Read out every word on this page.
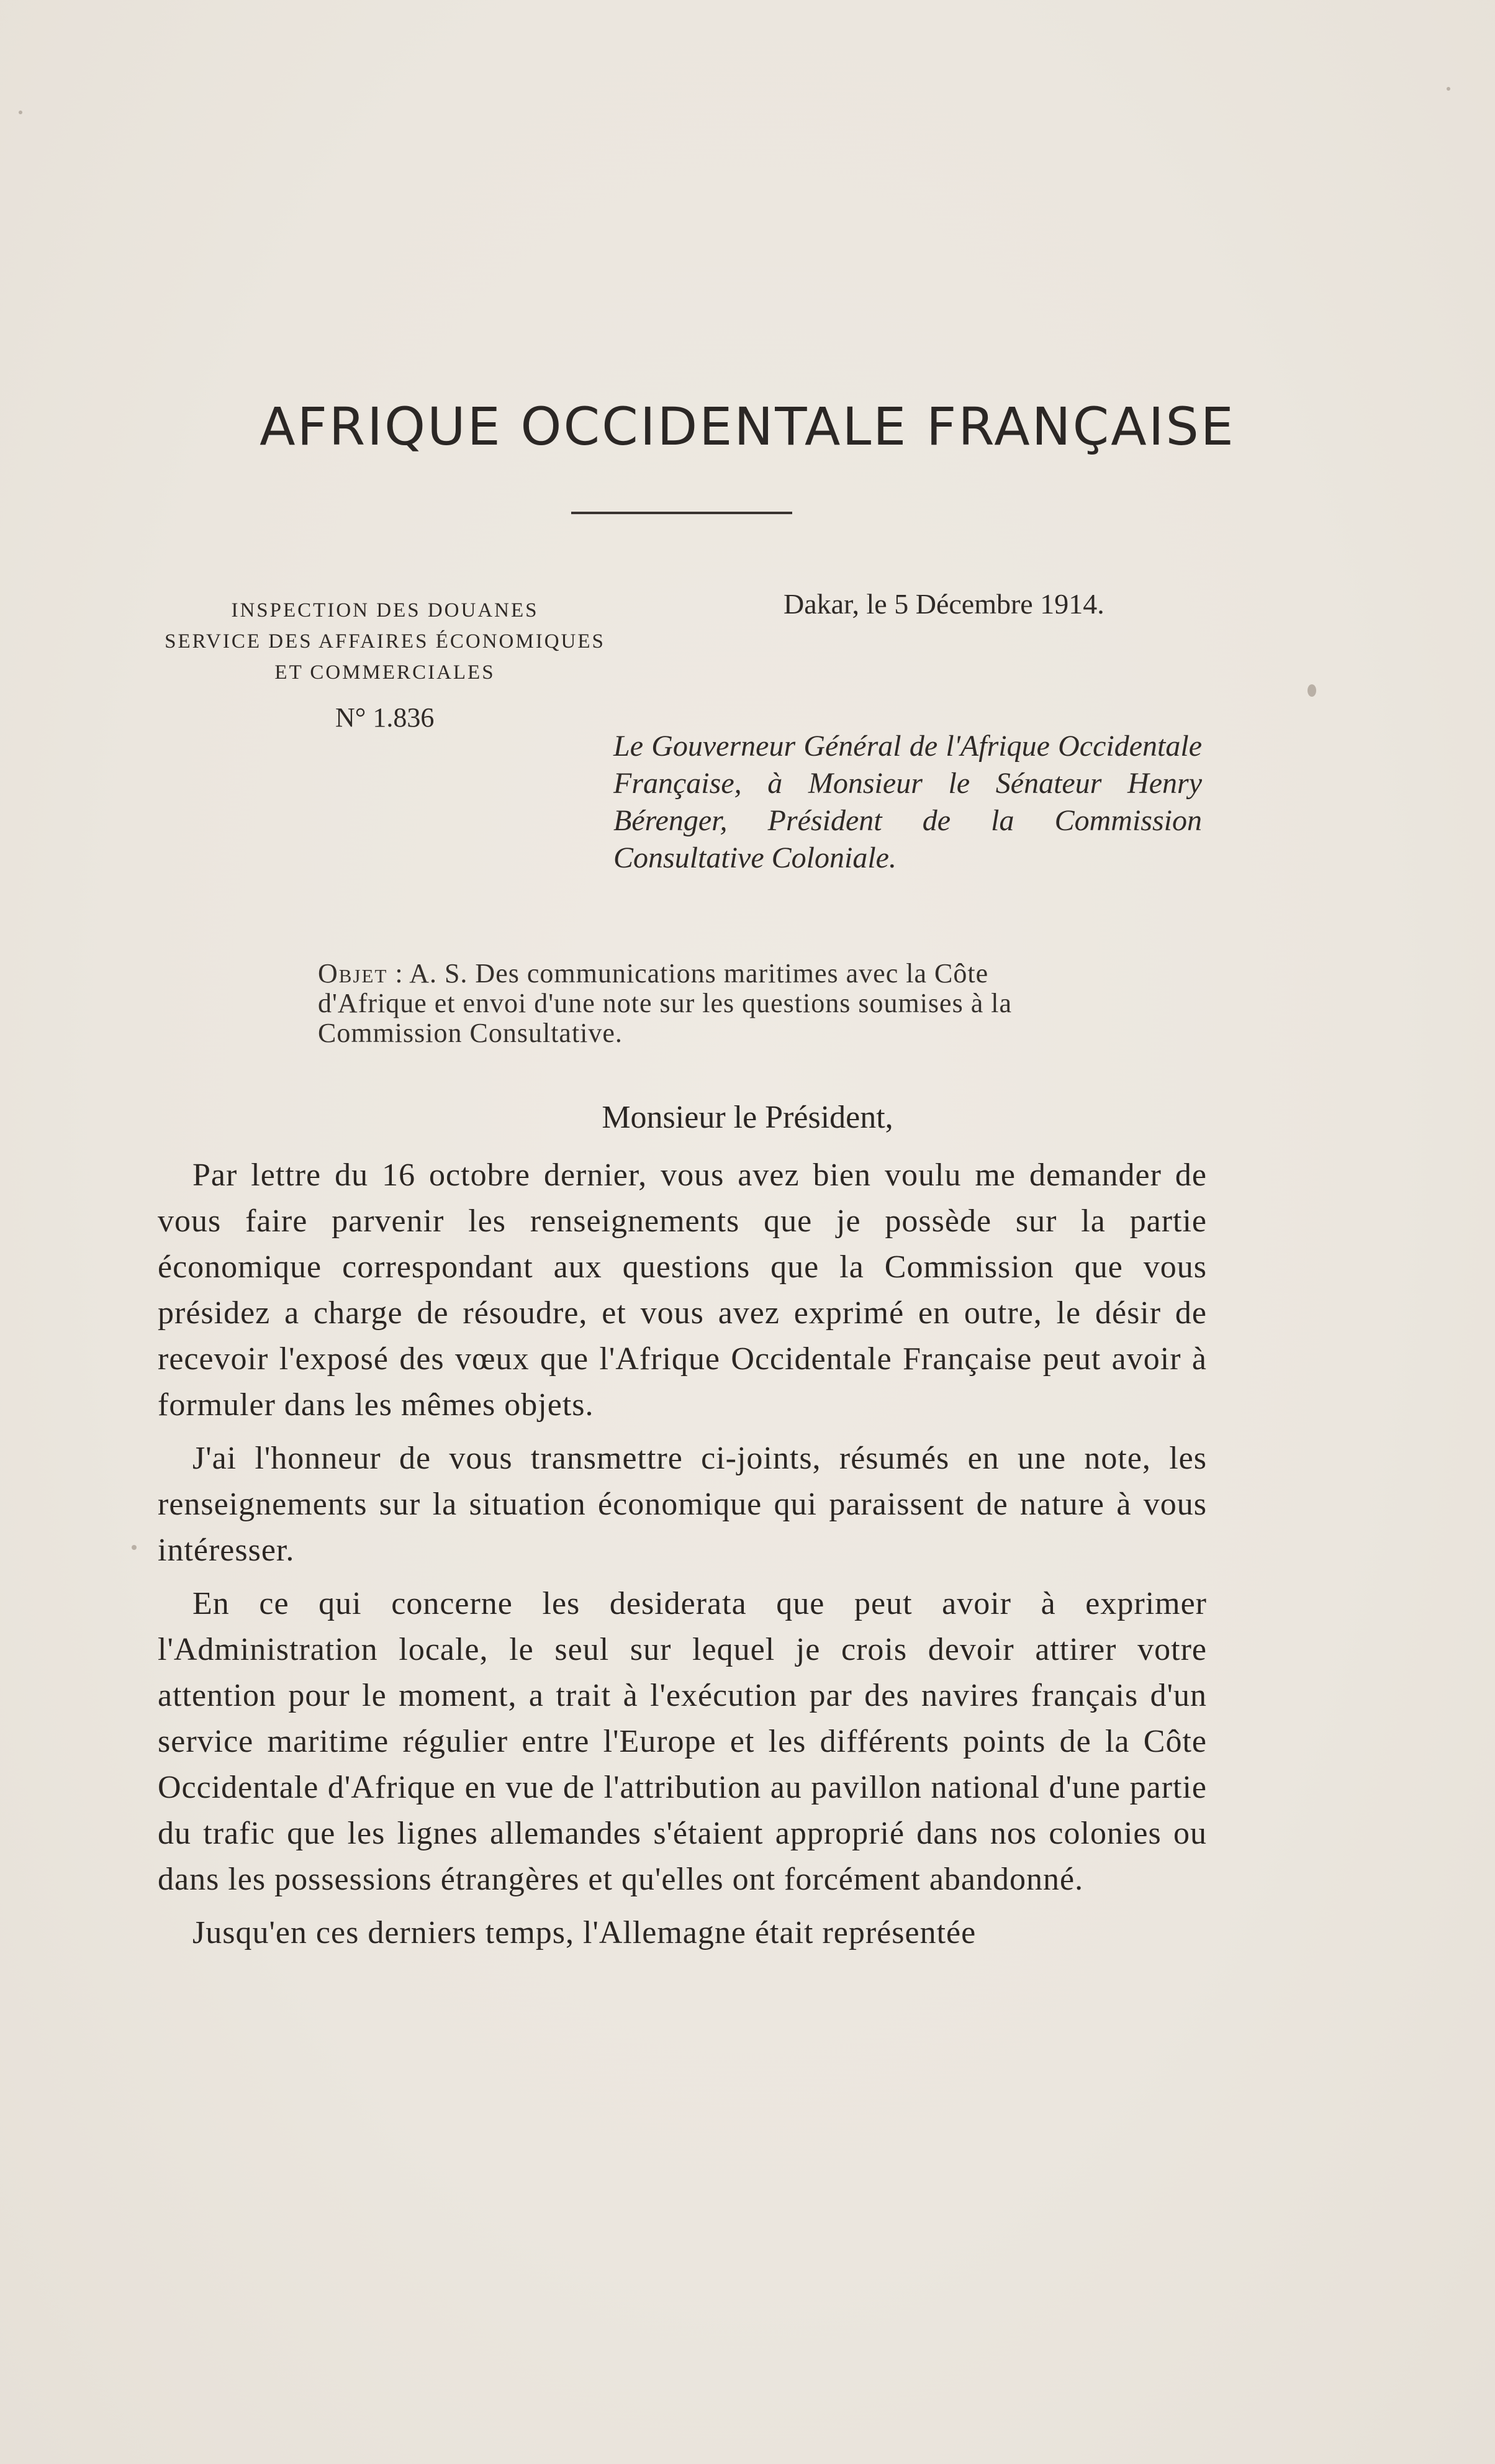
AFRIQUE OCCIDENTALE FRANÇAISE
INSPECTION DES DOUANES
SERVICE DES AFFAIRES ÉCONOMIQUES
ET COMMERCIALES
N° 1.836
Dakar, le 5 Décembre 1914.
Le Gouverneur Général de l'Afrique Occidentale Française, à Monsieur le Sénateur Henry Bérenger, Président de la Commission Consultative Coloniale.
Objet : A. S. Des communications maritimes avec la Côte
d'Afrique et envoi d'une note sur les questions soumises à la
Commission Consultative.
Monsieur le Président,

Par lettre du 16 octobre dernier, vous avez bien voulu me demander de vous faire parvenir les renseignements que je possède sur la partie économique correspondant aux questions que la Commission que vous présidez a charge de résoudre, et vous avez exprimé en outre, le désir de recevoir l'exposé des vœux que l'Afrique Occidentale Française peut avoir à formuler dans les mêmes objets.

J'ai l'honneur de vous transmettre ci-joints, résumés en une note, les renseignements sur la situation économique qui paraissent de nature à vous intéresser.

En ce qui concerne les desiderata que peut avoir à exprimer l'Administration locale, le seul sur lequel je crois devoir attirer votre attention pour le moment, a trait à l'exécution par des navires français d'un service maritime régulier entre l'Europe et les différents points de la Côte Occidentale d'Afrique en vue de l'attribution au pavillon national d'une partie du trafic que les lignes allemandes s'étaient approprié dans nos colonies ou dans les possessions étrangères et qu'elles ont forcément abandonné.

Jusqu'en ces derniers temps, l'Allemagne était représentée
